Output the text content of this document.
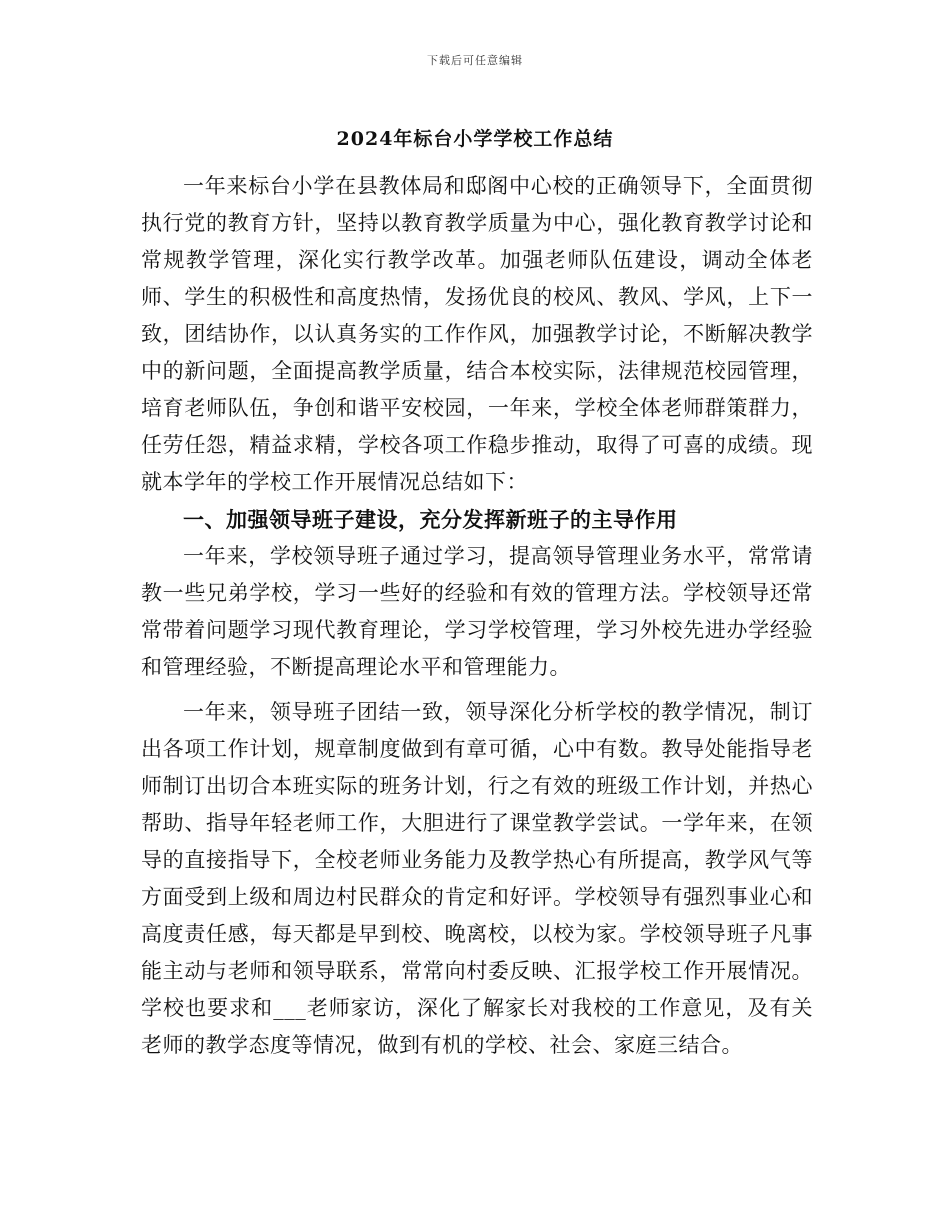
下载后可任意编辑
2024年标台小学学校工作总结

一年来标台小学在县教体局和邸阁中心校的正确领导下，全面贯彻执行党的教育方针，坚持以教育教学质量为中心，强化教育教学讨论和常规教学管理，深化实行教学改革。加强老师队伍建设，调动全体老师、学生的积极性和高度热情，发扬优良的校风、教风、学风，上下一致，团结协作，以认真务实的工作作风，加强教学讨论，不断解决教学中的新问题，全面提高教学质量，结合本校实际，法律规范校园管理，培育老师队伍，争创和谐平安校园，一年来，学校全体老师群策群力，任劳任怨，精益求精，学校各项工作稳步推动，取得了可喜的成绩。现就本学年的学校工作开展情况总结如下：

一、加强领导班子建设，充分发挥新班子的主导作用

一年来，学校领导班子通过学习，提高领导管理业务水平，常常请教一些兄弟学校，学习一些好的经验和有效的管理方法。学校领导还常常带着问题学习现代教育理论，学习学校管理，学习外校先进办学经验和管理经验，不断提高理论水平和管理能力。

一年来，领导班子团结一致，领导深化分析学校的教学情况，制订出各项工作计划，规章制度做到有章可循，心中有数。教导处能指导老师制订出切合本班实际的班务计划，行之有效的班级工作计划，并热心帮助、指导年轻老师工作，大胆进行了课堂教学尝试。一学年来，在领导的直接指导下，全校老师业务能力及教学热心有所提高，教学风气等方面受到上级和周边村民群众的肯定和好评。学校领导有强烈事业心和高度责任感，每天都是早到校、晚离校，以校为家。学校领导班子凡事能主动与老师和领导联系，常常向村委反映、汇报学校工作开展情况。学校也要求和___老师家访，深化了解家长对我校的工作意见，及有关老师的教学态度等情况，做到有机的学校、社会、家庭三结合。
